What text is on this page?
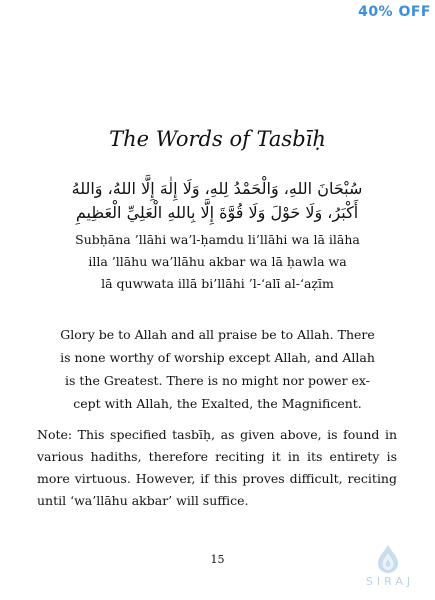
40% OFF
The Words of Tasbīḥ
سُبْحَانَ اللهِ، وَالْحَمْدُ لِلهِ، وَلَا إِلٰهَ إِلَّا اللهُ، وَاللهُ
أَكْبَرُ، وَلَا حَوْلَ وَلَا قُوَّةَ إِلَّا بِاللهِ الْعَلِيِّ الْعَظِيمِ
Subḥāna ’llāhi wa’l-ḥamdu li’llāhi wa lā ilāha
illa ’llāhu wa’llāhu akbar wa lā ḥawla wa
lā quwwata illā bi’llāhi ’l-‘alī al-‘aẓīm
Glory be to Allah and all praise be to Allah. There
is none worthy of worship except Allah, and Allah
is the Greatest. There is no might nor power ex-
cept with Allah, the Exalted, the Magnificent.
Note: This specified tasbīḥ, as given above, is found in
various hadiths, therefore reciting it in its entirety is
more virtuous. However, if this proves difficult, reciting
until ‘wa’llāhu akbar’ will suffice.
15
SIRAJ
